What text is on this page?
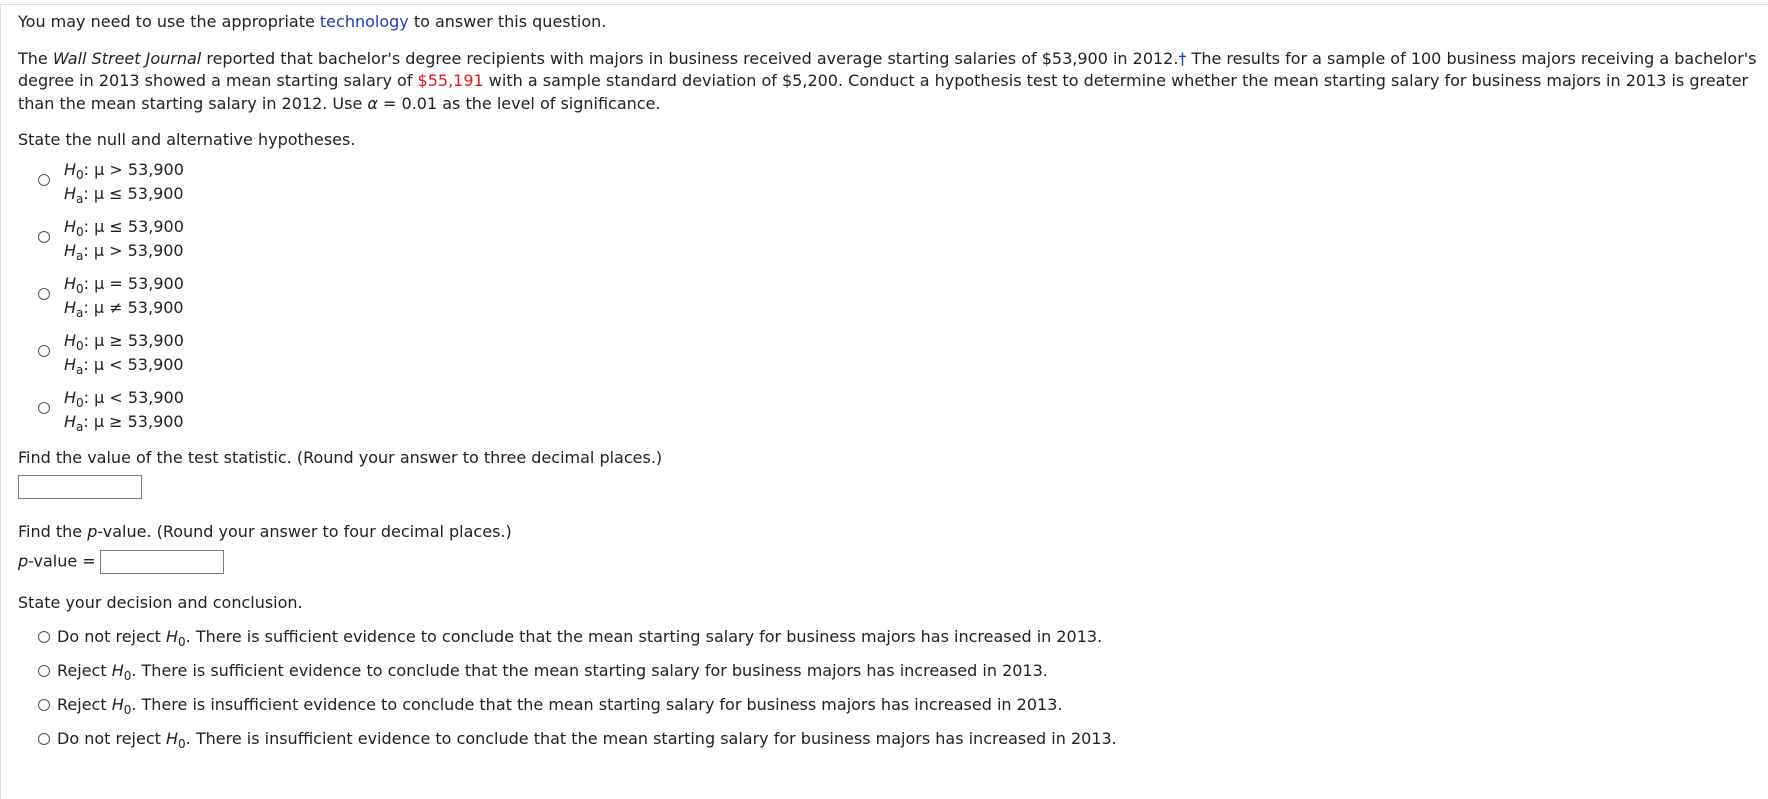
You may need to use the appropriate technology to answer this question.

The Wall Street Journal reported that bachelor's degree recipients with majors in business received average starting salaries of $53,900 in 2012.† The results for a sample of 100 business majors receiving a bachelor's degree in 2013 showed a mean starting salary of $55,191 with a sample standard deviation of $5,200. Conduct a hypothesis test to determine whether the mean starting salary for business majors in 2013 is greater than the mean starting salary in 2012. Use α = 0.01 as the level of significance.

State the null and alternative hypotheses.

$H_0$: μ > 53,900
$H_a$: μ ≤ 53,900
$H_0$: μ ≤ 53,900
$H_a$: μ > 53,900
$H_0$: μ = 53,900
$H_a$: μ ≠ 53,900
$H_0$: μ ≥ 53,900
$H_a$: μ < 53,900
$H_0$: μ < 53,900
$H_a$: μ ≥ 53,900

Find the value of the test statistic. (Round your answer to three decimal places.)

Find the p-value. (Round your answer to four decimal places.)

p-value =

State your decision and conclusion.

Do not reject $H_0$. There is sufficient evidence to conclude that the mean starting salary for business majors has increased in 2013.
Reject $H_0$. There is sufficient evidence to conclude that the mean starting salary for business majors has increased in 2013.
Reject $H_0$. There is insufficient evidence to conclude that the mean starting salary for business majors has increased in 2013.
Do not reject $H_0$. There is insufficient evidence to conclude that the mean starting salary for business majors has increased in 2013.
